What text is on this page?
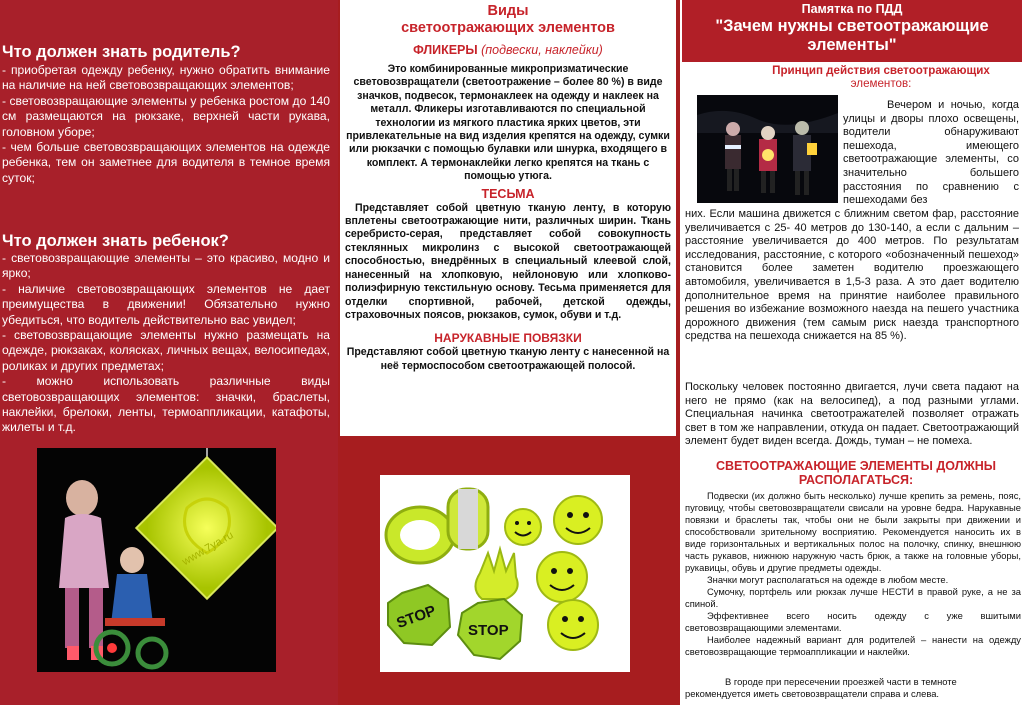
Что должен знать родитель?

- приобретая одежду ребенку, нужно обратить внимание на наличие на ней световозвращающих элементов;

- световозвращающие элементы у ребенка ростом до 140 см размещаются на рюкзаке, верхней части рукава, головном уборе;

- чем больше световозвращающих элементов на одежде ребенка, тем он заметнее для водителя в темное время суток;

Что должен знать ребенок?

- световозвращающие элементы – это красиво, модно и ярко;

- наличие световозвращающих элементов не дает преимущества в движении! Обязательно нужно убедиться, что водитель действительно вас увидел;

- световозвращающие элементы нужно размещать на одежде, рюкзаках, колясках, личных вещах, велосипедах, роликах и других предметах;

- можно использовать различные виды световозвращающих элементов: значки, браслеты, наклейки, брелоки, ленты, термоаппликации, катафоты, жилеты и т.д.

www.7ya.ru
Виды
светоотражающих элементов
ФЛИКЕРЫ (подвески, наклейки)

Это комбинированные микропризматические световозвращатели (светоотражение – более 80 %) в виде значков, подвесок, термонаклеек на одежду и наклеек на металл. Фликеры изготавливаются по специальной технологии из мягкого пластика ярких цветов, эти привлекательные на вид изделия крепятся на одежду, сумки или рюкзачки с помощью булавки или шнурка, входящего в комплект. А термонаклейки легко крепятся на ткань с помощью утюга.

ТЕСЬМА

Представляет собой цветную тканую ленту, в которую вплетены светоотражающие нити, различных ширин. Ткань серебристо-серая, представляет собой совокупность стеклянных микролинз с высокой светоотражающей способностью, внедрённых в специальный клеевой слой, нанесенный на хлопковую, нейлоновую или хлопково-полиэфирную текстильную основу. Тесьма применяется для отделки спортивной, рабочей, детской одежды, страховочных поясов, рюкзаков, сумок, обуви и т.д.

НАРУКАВНЫЕ ПОВЯЗКИ

Представляют собой цветную тканую ленту с нанесенной на неё термоспособом светоотражающей полосой.

STOP STOP
Памятка по ПДД
"Зачем нужны светоотражающие элементы"
Принцип действия светоотражающих
элементов:
Вечером и ночью, когда улицы и дворы плохо освещены, водители обнаруживают пешехода, имеющего светоотражающие элементы, со значительно большего расстояния по сравнению с пешеходами без
них. Если машина движется с ближним светом фар, расстояние увеличивается с 25- 40 метров до 130-140, а если с дальним – расстояние увеличивается до 400 метров. По результатам исследования, расстояние, с которого «обозначенный пешеход» становится более заметен водителю проезжающего автомобиля, увеличивается в 1,5-3 раза. А это дает водителю дополнительное время на принятие наиболее правильного решения во избежание возможного наезда на пешего участника дорожного движения (тем самым риск наезда транспортного средства на пешехода снижается на 85 %).
Поскольку человек постоянно двигается, лучи света падают на него не прямо (как на велосипед), а под разными углами. Специальная начинка светоотражателей позволяет отражать свет в том же направлении, откуда он падает. Светоотражающий элемент будет виден всегда. Дождь, туман – не помеха.
СВЕТООТРАЖАЮЩИЕ ЭЛЕМЕНТЫ ДОЛЖНЫ РАСПОЛАГАТЬСЯ:

Подвески (их должно быть несколько) лучше крепить за ремень, пояс, пуговицу, чтобы световозвращатели свисали на уровне бедра. Нарукавные повязки и браслеты так, чтобы они не были закрыты при движении и способствовали зрительному восприятию. Рекомендуется наносить их в виде горизонтальных и вертикальных полос на полочку, спинку, внешнюю часть рукавов, нижнюю наружную часть брюк, а также на головные уборы, рукавицы, обувь и другие предметы одежды.

Значки могут располагаться на одежде в любом месте.

Сумочку, портфель или рюкзак лучше НЕСТИ в правой руке, а не за спиной.

Эффективнее всего носить одежду с уже вшитыми световозвращающими элементами.

Наиболее надежный вариант для родителей – нанести на одежду световозвращающие термоаппликации и наклейки.

В городе при пересечении проезжей части в темноте рекомендуется иметь световозвращатели справа и слева.
